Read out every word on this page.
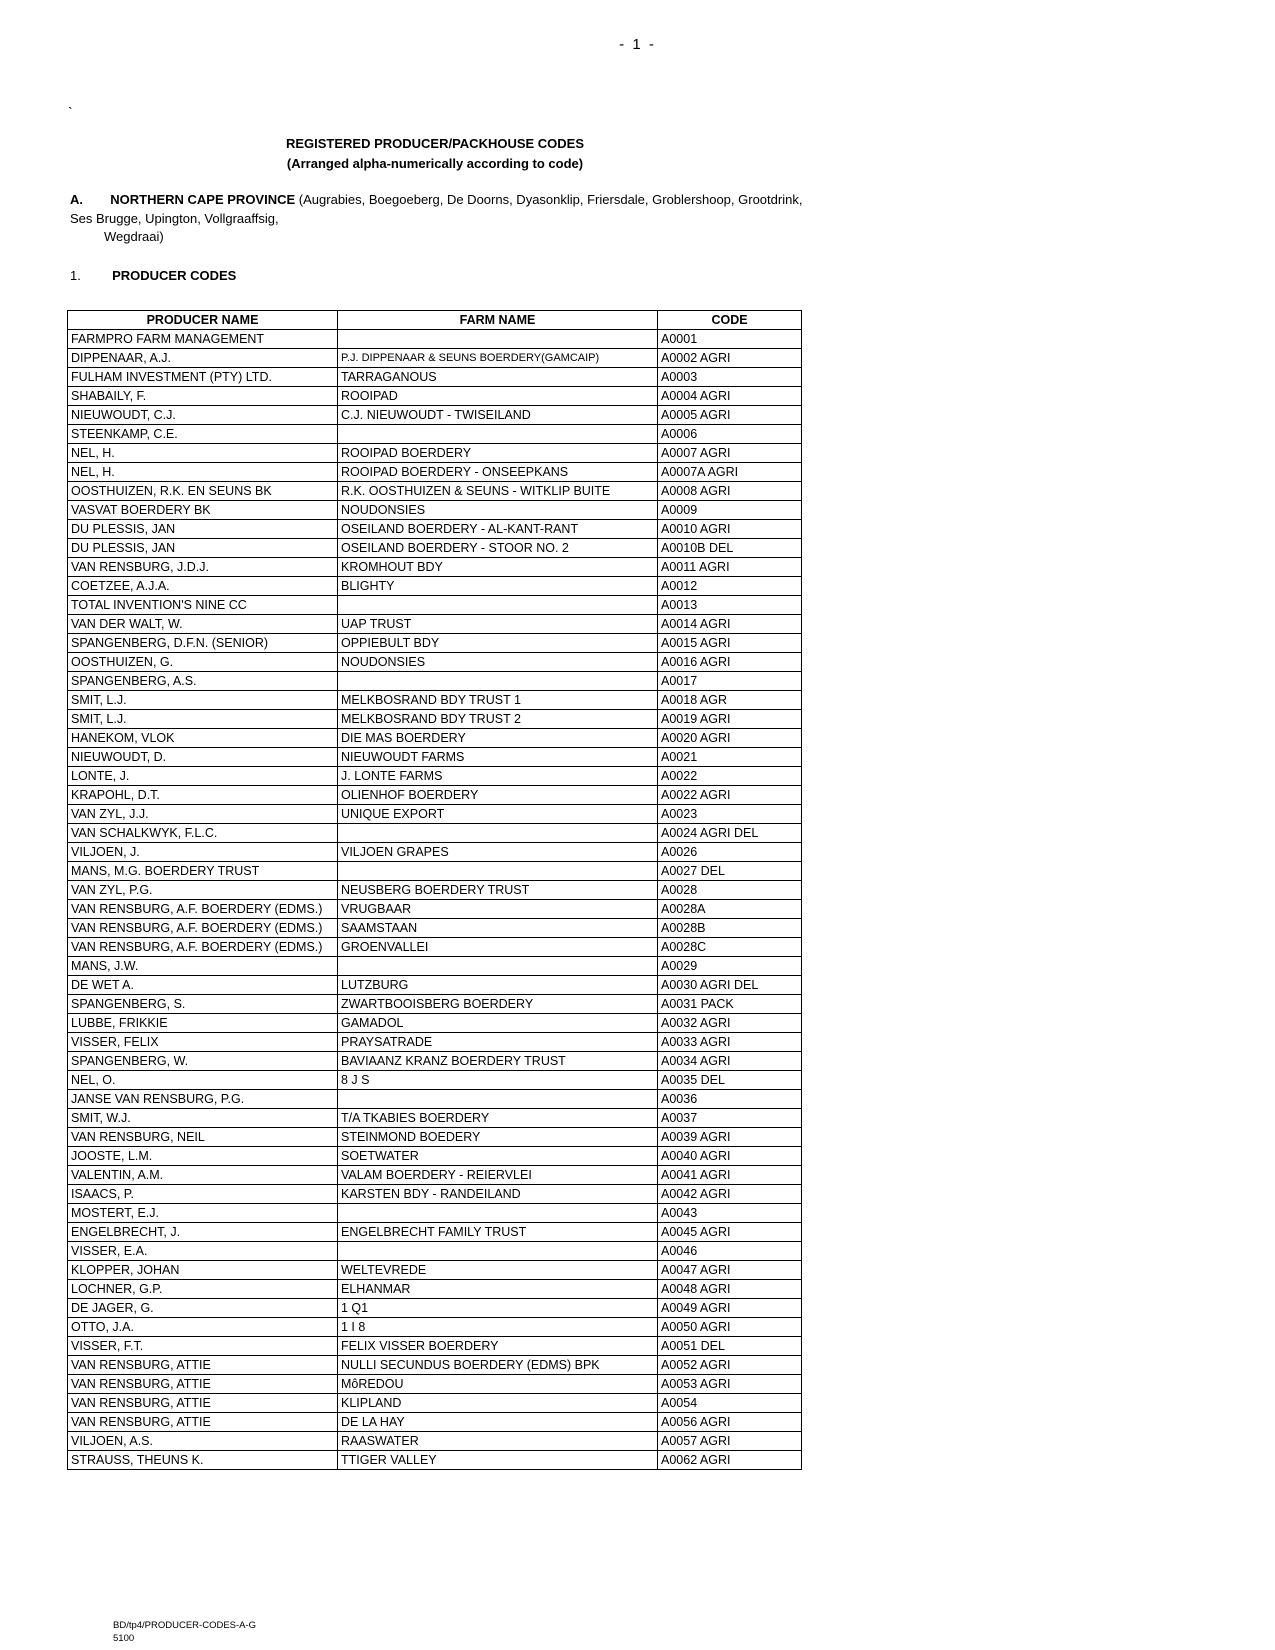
- 1 -
`
REGISTERED PRODUCER/PACKHOUSE CODES
(Arranged alpha-numerically according to code)
A. NORTHERN CAPE PROVINCE (Augrabies, Boegoeberg, De Doorns, Dyasonklip, Friersdale, Groblershoop, Grootdrink,
Ses Brugge, Upington, Vollgraaffsig,
Wegdraai)
1. PRODUCER CODES
PRODUCER NAME	FARM NAME	CODE
FARMPRO FARM MANAGEMENT		A0001
DIPPENAAR, A.J.	P.J. DIPPENAAR & SEUNS BOERDERY(GAMCAIP)	A0002 AGRI
FULHAM INVESTMENT (PTY) LTD.	TARRAGANOUS	A0003
SHABAILY, F.	ROOIPAD	A0004 AGRI
NIEUWOUDT, C.J.	C.J. NIEUWOUDT - TWISEILAND	A0005 AGRI
STEENKAMP, C.E.		A0006
NEL, H.	ROOIPAD BOERDERY	A0007 AGRI
NEL, H.	ROOIPAD BOERDERY - ONSEEPKANS	A0007A AGRI
OOSTHUIZEN, R.K. EN SEUNS BK	R.K. OOSTHUIZEN & SEUNS - WITKLIP BUITE	A0008 AGRI
VASVAT BOERDERY BK	NOUDONSIES	A0009
DU PLESSIS, JAN	OSEILAND BOERDERY - AL-KANT-RANT	A0010 AGRI
DU PLESSIS, JAN	OSEILAND BOERDERY - STOOR NO. 2	A0010B DEL
VAN RENSBURG, J.D.J.	KROMHOUT BDY	A0011 AGRI
COETZEE, A.J.A.	BLIGHTY	A0012
TOTAL INVENTION'S NINE CC		A0013
VAN DER WALT, W.	UAP TRUST	A0014 AGRI
SPANGENBERG, D.F.N. (SENIOR)	OPPIEBULT BDY	A0015 AGRI
OOSTHUIZEN, G.	NOUDONSIES	A0016 AGRI
SPANGENBERG, A.S.		A0017
SMIT, L.J.	MELKBOSRAND BDY TRUST 1	A0018 AGR
SMIT, L.J.	MELKBOSRAND BDY TRUST 2	A0019 AGRI
HANEKOM, VLOK	DIE MAS BOERDERY	A0020 AGRI
NIEUWOUDT, D.	NIEUWOUDT FARMS	A0021
LONTE, J.	J. LONTE FARMS	A0022
KRAPOHL, D.T.	OLIENHOF BOERDERY	A0022 AGRI
VAN ZYL, J.J.	UNIQUE EXPORT	A0023
VAN SCHALKWYK, F.L.C.		A0024 AGRI DEL
VILJOEN, J.	VILJOEN GRAPES	A0026
MANS, M.G. BOERDERY TRUST		A0027 DEL
VAN ZYL, P.G.	NEUSBERG BOERDERY TRUST	A0028
VAN RENSBURG, A.F. BOERDERY (EDMS.)	VRUGBAAR	A0028A
VAN RENSBURG, A.F. BOERDERY (EDMS.)	SAAMSTAAN	A0028B
VAN RENSBURG, A.F. BOERDERY (EDMS.)	GROENVALLEI	A0028C
MANS, J.W.		A0029
DE WET A.	LUTZBURG	A0030 AGRI DEL
SPANGENBERG, S.	ZWARTBOOISBERG BOERDERY	A0031 PACK
LUBBE, FRIKKIE	GAMADOL	A0032 AGRI
VISSER, FELIX	PRAYSATRADE	A0033 AGRI
SPANGENBERG, W.	BAVIAANZ KRANZ BOERDERY TRUST	A0034 AGRI
NEL, O.	8 J S	A0035 DEL
JANSE VAN RENSBURG, P.G.		A0036
SMIT, W.J.	T/A TKABIES BOERDERY	A0037
VAN RENSBURG, NEIL	STEINMOND BOEDERY	A0039 AGRI
JOOSTE, L.M.	SOETWATER	A0040 AGRI
VALENTIN, A.M.	VALAM BOERDERY - REIERVLEI	A0041 AGRI
ISAACS, P.	KARSTEN BDY - RANDEILAND	A0042 AGRI
MOSTERT, E.J.		A0043
ENGELBRECHT, J.	ENGELBRECHT FAMILY TRUST	A0045 AGRI
VISSER, E.A.		A0046
KLOPPER, JOHAN	WELTEVREDE	A0047 AGRI
LOCHNER, G.P.	ELHANMAR	A0048 AGRI
DE JAGER, G.	1 Q1	A0049 AGRI
OTTO, J.A.	1 I 8	A0050 AGRI
VISSER, F.T.	FELIX VISSER BOERDERY	A0051 DEL
VAN RENSBURG, ATTIE	NULLI SECUNDUS BOERDERY (EDMS) BPK	A0052 AGRI
VAN RENSBURG, ATTIE	MôREDOU	A0053 AGRI
VAN RENSBURG, ATTIE	KLIPLAND	A0054
VAN RENSBURG, ATTIE	DE LA HAY	A0056 AGRI
VILJOEN, A.S.	RAASWATER	A0057 AGRI
STRAUSS, THEUNS K.	TTIGER VALLEY	A0062 AGRI
BD/tp4/PRODUCER-CODES-A-G
5100
